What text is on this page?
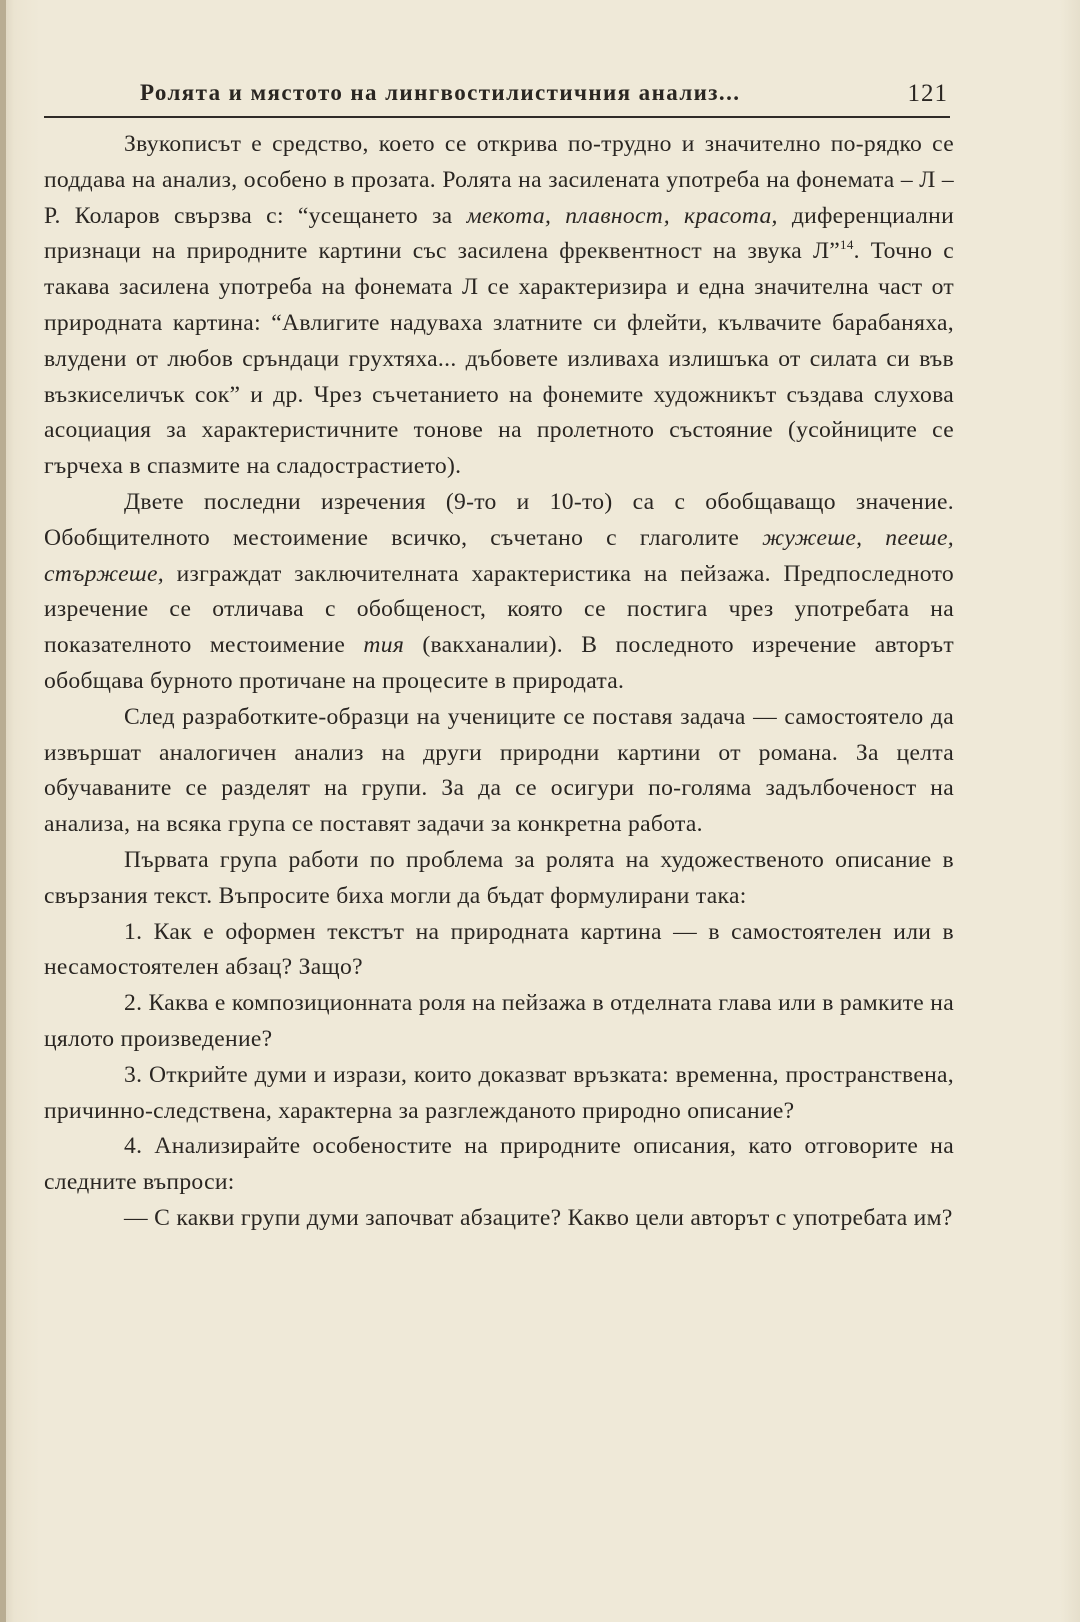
Ролята и мястото на лингвостилистичния анализ...	121

Звукописът е средство, което се открива по-трудно и значително по-рядко се поддава на анализ, особено в прозата. Ролята на засилената употреба на фонемата – Л – Р. Коларов свързва с: “усещането за мекота, плавност, красота, диференциални признаци на природните картини със засилена фреквентност на звука Л”$^{14}$. Точно с такава засилена употреба на фонемата Л се характеризира и една значителна част от природната картина: “Авлигите надуваха златните си флейти, кълвачите барабаняха, влудени от любов сръндаци грухтяха... дъбовете изливаха излишъка от силата си във възкиселичък сок” и др. Чрез съчетанието на фонемите художникът създава слухова асоциация за характеристичните тонове на пролетното състояние (усойниците се гърчеха в спазмите на сладострастието).

Двете последни изречения (9-то и 10-то) са с обобщаващо значение. Обобщителното местоимение всичко, съчетано с глаголите жужеше, пееше, стържеше, изграждат заключителната характеристика на пейзажа. Предпоследното изречение се отличава с обобщеност, която се постига чрез употребата на показателното местоимение тия (вакханалии). В последното изречение авторът обобщава бурното протичане на процесите в природата.

След разработките-образци на учениците се поставя задача — самостоятело да извършат аналогичен анализ на други природни картини от романа. За целта обучаваните се разделят на групи. За да се осигури по-голяма задълбоченост на анализа, на всяка група се поставят задачи за конкретна работа.

Първата група работи по проблема за ролята на художественото описание в свързания текст. Въпросите биха могли да бъдат формулирани така:

1. Как е оформен текстът на природната картина — в самостоятелен или в несамостоятелен абзац? Защо?

2. Каква е композиционната роля на пейзажа в отделната глава или в рамките на цялото произведение?

3. Открийте думи и изрази, които доказват връзката: временна, пространствена, причинно-следствена, характерна за разглежданото природно описание?

4. Анализирайте особеностите на природните описания, като отговорите на следните въпроси:

— С какви групи думи започват абзаците? Какво цели авторът с употребата им?
